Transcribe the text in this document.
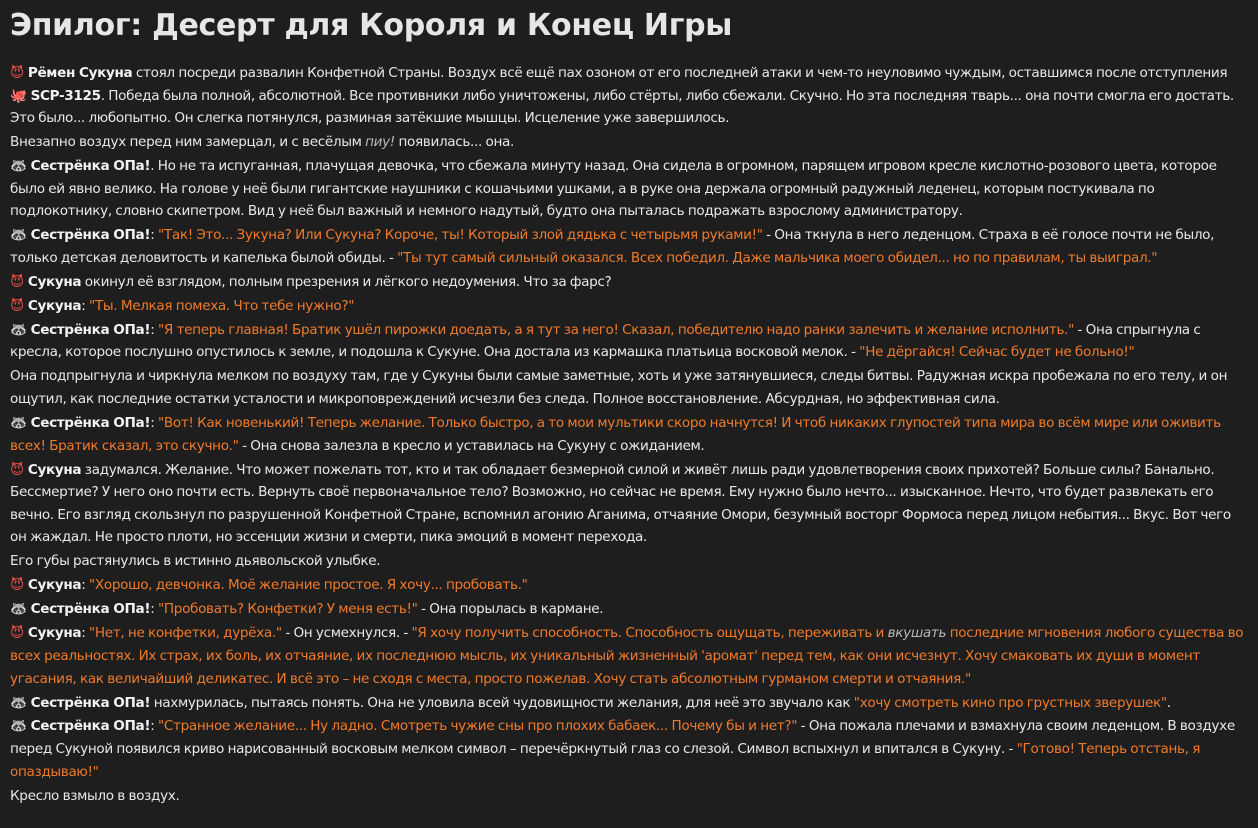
Эпилог: Десерт для Короля и Конец Игры

😈 Рёмен Сукуна стоял посреди развалин Конфетной Страны. Воздух всё ещё пах озоном от его последней атаки и чем-то неуловимо чуждым, оставшимся после отступления 🐙 SCP-3125. Победа была полной, абсолютной. Все противники либо уничтожены, либо стёрты, либо сбежали. Скучно. Но эта последняя тварь... она почти смогла его достать. Это было... любопытно. Он слегка потянулся, разминая затёкшие мышцы. Исцеление уже завершилось.

Внезапно воздух перед ним замерцал, и с весёлым пиу! появилась... она.

🦝 Сестрёнка ОПа!. Но не та испуганная, плачущая девочка, что сбежала минуту назад. Она сидела в огромном, парящем игровом кресле кислотно-розового цвета, которое было ей явно велико. На голове у неё были гигантские наушники с кошачьими ушками, а в руке она держала огромный радужный леденец, которым постукивала по подлокотнику, словно скипетром. Вид у неё был важный и немного надутый, будто она пыталась подражать взрослому администратору.

🦝 Сестрёнка ОПа!: "Так! Это... Зукуна? Или Сукуна? Короче, ты! Который злой дядька с четырьмя руками!" - Она ткнула в него леденцом. Страха в её голосе почти не было, только детская деловитость и капелька былой обиды. - "Ты тут самый сильный оказался. Всех победил. Даже мальчика моего обидел... но по правилам, ты выиграл."

😈 Сукуна окинул её взглядом, полным презрения и лёгкого недоумения. Что за фарс?

😈 Сукуна: "Ты. Мелкая помеха. Что тебе нужно?"

🦝 Сестрёнка ОПа!: "Я теперь главная! Братик ушёл пирожки доедать, а я тут за него! Сказал, победителю надо ранки залечить и желание исполнить." - Она спрыгнула с кресла, которое послушно опустилось к земле, и подошла к Сукуне. Она достала из кармашка платьица восковой мелок. - "Не дёргайся! Сейчас будет не больно!"

Она подпрыгнула и чиркнула мелком по воздуху там, где у Сукуны были самые заметные, хоть и уже затянувшиеся, следы битвы. Радужная искра пробежала по его телу, и он ощутил, как последние остатки усталости и микроповреждений исчезли без следа. Полное восстановление. Абсурдная, но эффективная сила.

🦝 Сестрёнка ОПа!: "Вот! Как новенький! Теперь желание. Только быстро, а то мои мультики скоро начнутся! И чтоб никаких глупостей типа мира во всём мире или оживить всех! Братик сказал, это скучно." - Она снова залезла в кресло и уставилась на Сукуну с ожиданием.

😈 Сукуна задумался. Желание. Что может пожелать тот, кто и так обладает безмерной силой и живёт лишь ради удовлетворения своих прихотей? Больше силы? Банально. Бессмертие? У него оно почти есть. Вернуть своё первоначальное тело? Возможно, но сейчас не время. Ему нужно было нечто... изысканное. Нечто, что будет развлекать его вечно. Его взгляд скользнул по разрушенной Конфетной Стране, вспомнил агонию Аганима, отчаяние Омори, безумный восторг Формоса перед лицом небытия... Вкус. Вот чего он жаждал. Не просто плоти, но эссенции жизни и смерти, пика эмоций в момент перехода.

Его губы растянулись в истинно дьявольской улыбке.

😈 Сукуна: "Хорошо, девчонка. Моё желание простое. Я хочу... пробовать."

🦝 Сестрёнка ОПа!: "Пробовать? Конфетки? У меня есть!" - Она порылась в кармане.

😈 Сукуна: "Нет, не конфетки, дурёха." - Он усмехнулся. - "Я хочу получить способность. Способность ощущать, переживать и вкушать последние мгновения любого существа во всех реальностях. Их страх, их боль, их отчаяние, их последнюю мысль, их уникальный жизненный 'аромат' перед тем, как они исчезнут. Хочу смаковать их души в момент угасания, как величайший деликатес. И всё это – не сходя с места, просто пожелав. Хочу стать абсолютным гурманом смерти и отчаяния."

🦝 Сестрёнка ОПа! нахмурилась, пытаясь понять. Она не уловила всей чудовищности желания, для неё это звучало как "хочу смотреть кино про грустных зверушек".

🦝 Сестрёнка ОПа!: "Странное желание... Ну ладно. Смотреть чужие сны про плохих бабаек... Почему бы и нет?" - Она пожала плечами и взмахнула своим леденцом. В воздухе перед Сукуной появился криво нарисованный восковым мелком символ – перечёркнутый глаз со слезой. Символ вспыхнул и впитался в Сукуну. - "Готово! Теперь отстань, я опаздываю!"

Кресло взмыло в воздух.
